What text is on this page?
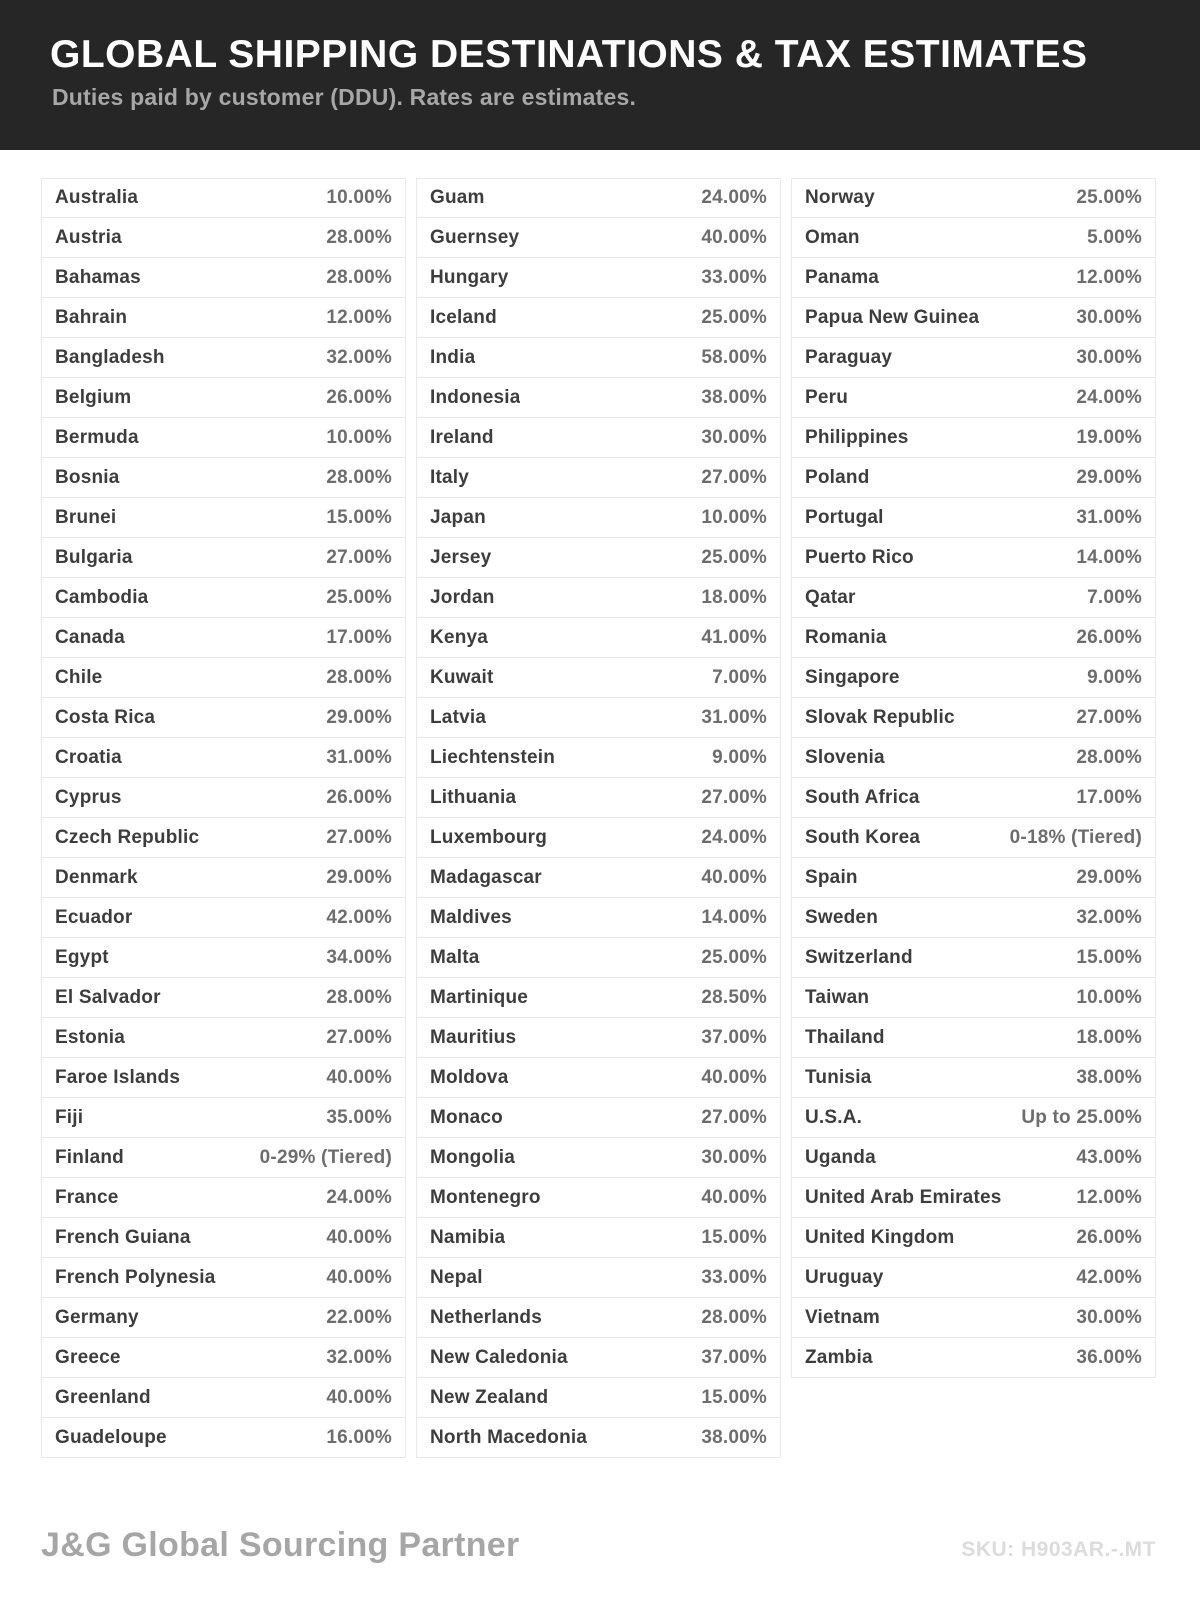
GLOBAL SHIPPING DESTINATIONS & TAX ESTIMATES
Duties paid by customer (DDU). Rates are estimates.
Australia	10.00%
Austria	28.00%
Bahamas	28.00%
Bahrain	12.00%
Bangladesh	32.00%
Belgium	26.00%
Bermuda	10.00%
Bosnia	28.00%
Brunei	15.00%
Bulgaria	27.00%
Cambodia	25.00%
Canada	17.00%
Chile	28.00%
Costa Rica	29.00%
Croatia	31.00%
Cyprus	26.00%
Czech Republic	27.00%
Denmark	29.00%
Ecuador	42.00%
Egypt	34.00%
El Salvador	28.00%
Estonia	27.00%
Faroe Islands	40.00%
Fiji	35.00%
Finland	0-29% (Tiered)
France	24.00%
French Guiana	40.00%
French Polynesia	40.00%
Germany	22.00%
Greece	32.00%
Greenland	40.00%
Guadeloupe	16.00%
Guam	24.00%
Guernsey	40.00%
Hungary	33.00%
Iceland	25.00%
India	58.00%
Indonesia	38.00%
Ireland	30.00%
Italy	27.00%
Japan	10.00%
Jersey	25.00%
Jordan	18.00%
Kenya	41.00%
Kuwait	7.00%
Latvia	31.00%
Liechtenstein	9.00%
Lithuania	27.00%
Luxembourg	24.00%
Madagascar	40.00%
Maldives	14.00%
Malta	25.00%
Martinique	28.50%
Mauritius	37.00%
Moldova	40.00%
Monaco	27.00%
Mongolia	30.00%
Montenegro	40.00%
Namibia	15.00%
Nepal	33.00%
Netherlands	28.00%
New Caledonia	37.00%
New Zealand	15.00%
North Macedonia	38.00%
Norway	25.00%
Oman	5.00%
Panama	12.00%
Papua New Guinea	30.00%
Paraguay	30.00%
Peru	24.00%
Philippines	19.00%
Poland	29.00%
Portugal	31.00%
Puerto Rico	14.00%
Qatar	7.00%
Romania	26.00%
Singapore	9.00%
Slovak Republic	27.00%
Slovenia	28.00%
South Africa	17.00%
South Korea	0-18% (Tiered)
Spain	29.00%
Sweden	32.00%
Switzerland	15.00%
Taiwan	10.00%
Thailand	18.00%
Tunisia	38.00%
U.S.A.	Up to 25.00%
Uganda	43.00%
United Arab Emirates	12.00%
United Kingdom	26.00%
Uruguay	42.00%
Vietnam	30.00%
Zambia	36.00%
J&G Global Sourcing Partner	SKU: H903AR.-.MT
